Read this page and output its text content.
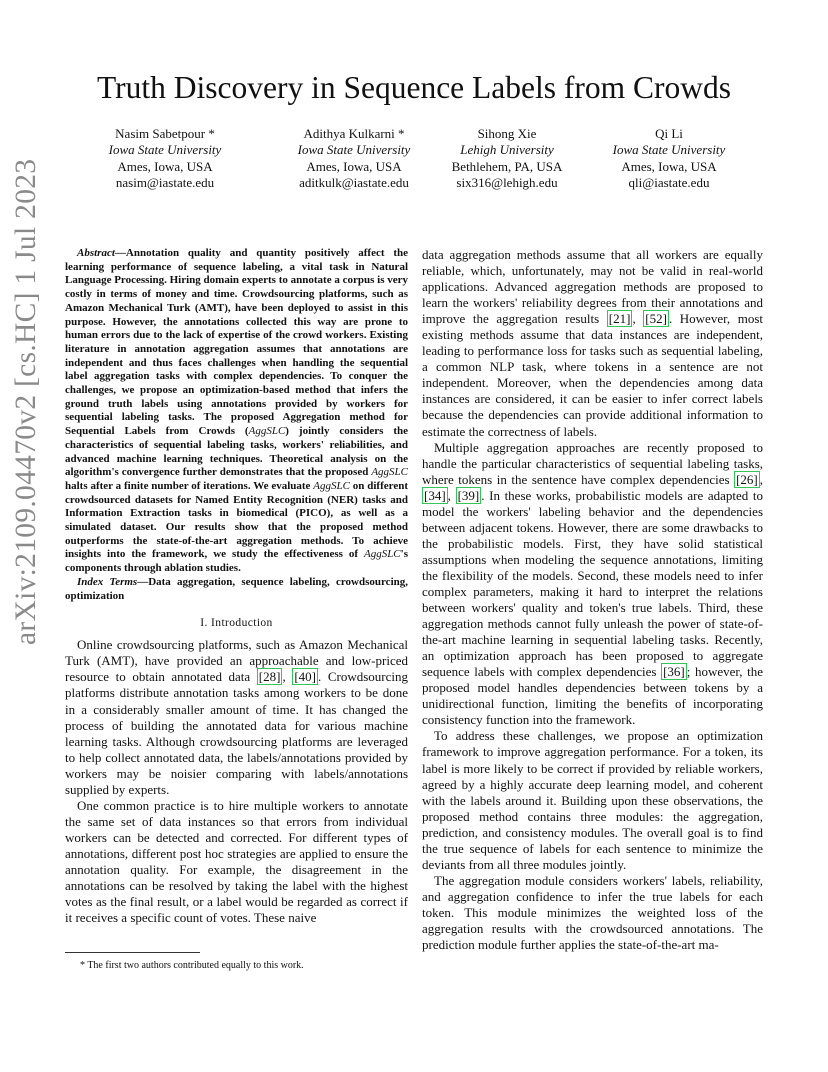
arXiv:2109.04470v2 [cs.HC] 1 Jul 2023
Truth Discovery in Sequence Labels from Crowds
Nasim Sabetpour *
Iowa State University
Ames, Iowa, USA
nasim@iastate.edu
Adithya Kulkarni *
Iowa State University
Ames, Iowa, USA
aditkulk@iastate.edu
Sihong Xie
Lehigh University
Bethlehem, PA, USA
six316@lehigh.edu
Qi Li
Iowa State University
Ames, Iowa, USA
qli@iastate.edu

Abstract—Annotation quality and quantity positively affect the learning performance of sequence labeling, a vital task in Natural Language Processing. Hiring domain experts to annotate a corpus is very costly in terms of money and time. Crowdsourcing platforms, such as Amazon Mechanical Turk (AMT), have been deployed to assist in this purpose. However, the annotations collected this way are prone to human errors due to the lack of expertise of the crowd workers. Existing literature in annotation aggregation assumes that annotations are independent and thus faces challenges when handling the sequential label aggregation tasks with complex dependencies. To conquer the challenges, we propose an optimization-based method that infers the ground truth labels using annotations provided by workers for sequential labeling tasks. The proposed Aggregation method for Sequential Labels from Crowds (AggSLC) jointly considers the characteristics of sequential labeling tasks, workers' reliabilities, and advanced machine learning techniques. Theoretical analysis on the algorithm's convergence further demonstrates that the proposed AggSLC halts after a finite number of iterations. We evaluate AggSLC on different crowdsourced datasets for Named Entity Recognition (NER) tasks and Information Extraction tasks in biomedical (PICO), as well as a simulated dataset. Our results show that the proposed method outperforms the state-of-the-art aggregation methods. To achieve insights into the framework, we study the effectiveness of AggSLC's components through ablation studies.

Index Terms—Data aggregation, sequence labeling, crowdsourcing, optimization

I. Introduction

Online crowdsourcing platforms, such as Amazon Mechanical Turk (AMT), have provided an approachable and low-priced resource to obtain annotated data [28] , [40] . Crowdsourcing platforms distribute annotation tasks among workers to be done in a considerably smaller amount of time. It has changed the process of building the annotated data for various machine learning tasks. Although crowdsourcing platforms are leveraged to help collect annotated data, the labels/annotations provided by workers may be noisier comparing with labels/annotations supplied by experts.

One common practice is to hire multiple workers to annotate the same set of data instances so that errors from individual workers can be detected and corrected. For different types of annotations, different post hoc strategies are applied to ensure the annotation quality. For example, the disagreement in the annotations can be resolved by taking the label with the highest votes as the final result, or a label would be regarded as correct if it receives a specific count of votes. These naive

data aggregation methods assume that all workers are equally reliable, which, unfortunately, may not be valid in real-world applications. Advanced aggregation methods are proposed to learn the workers' reliability degrees from their annotations and improve the aggregation results [21] , [52] . However, most existing methods assume that data instances are independent, leading to performance loss for tasks such as sequential labeling, a common NLP task, where tokens in a sentence are not independent. Moreover, when the dependencies among data instances are considered, it can be easier to infer correct labels because the dependencies can provide additional information to estimate the correctness of labels.

Multiple aggregation approaches are recently proposed to handle the particular characteristics of sequential labeling tasks, where tokens in the sentence have complex dependencies [26] , [34] , [39] . In these works, probabilistic models are adapted to model the workers' labeling behavior and the dependencies between adjacent tokens. However, there are some drawbacks to the probabilistic models. First, they have solid statistical assumptions when modeling the sequence annotations, limiting the flexibility of the models. Second, these models need to infer complex parameters, making it hard to interpret the relations between workers' quality and token's true labels. Third, these aggregation methods cannot fully unleash the power of state-of-the-art machine learning in sequential labeling tasks. Recently, an optimization approach has been proposed to aggregate sequence labels with complex dependencies [36] ; however, the proposed model handles dependencies between tokens by a unidirectional function, limiting the benefits of incorporating consistency function into the framework.

To address these challenges, we propose an optimization framework to improve aggregation performance. For a token, its label is more likely to be correct if provided by reliable workers, agreed by a highly accurate deep learning model, and coherent with the labels around it. Building upon these observations, the proposed method contains three modules: the aggregation, prediction, and consistency modules. The overall goal is to find the true sequence of labels for each sentence to minimize the deviants from all three modules jointly.

The aggregation module considers workers' labels, reliability, and aggregation confidence to infer the true labels for each token. This module minimizes the weighted loss of the aggregation results with the crowdsourced annotations. The prediction module further applies the state-of-the-art ma-

* The first two authors contributed equally to this work.
